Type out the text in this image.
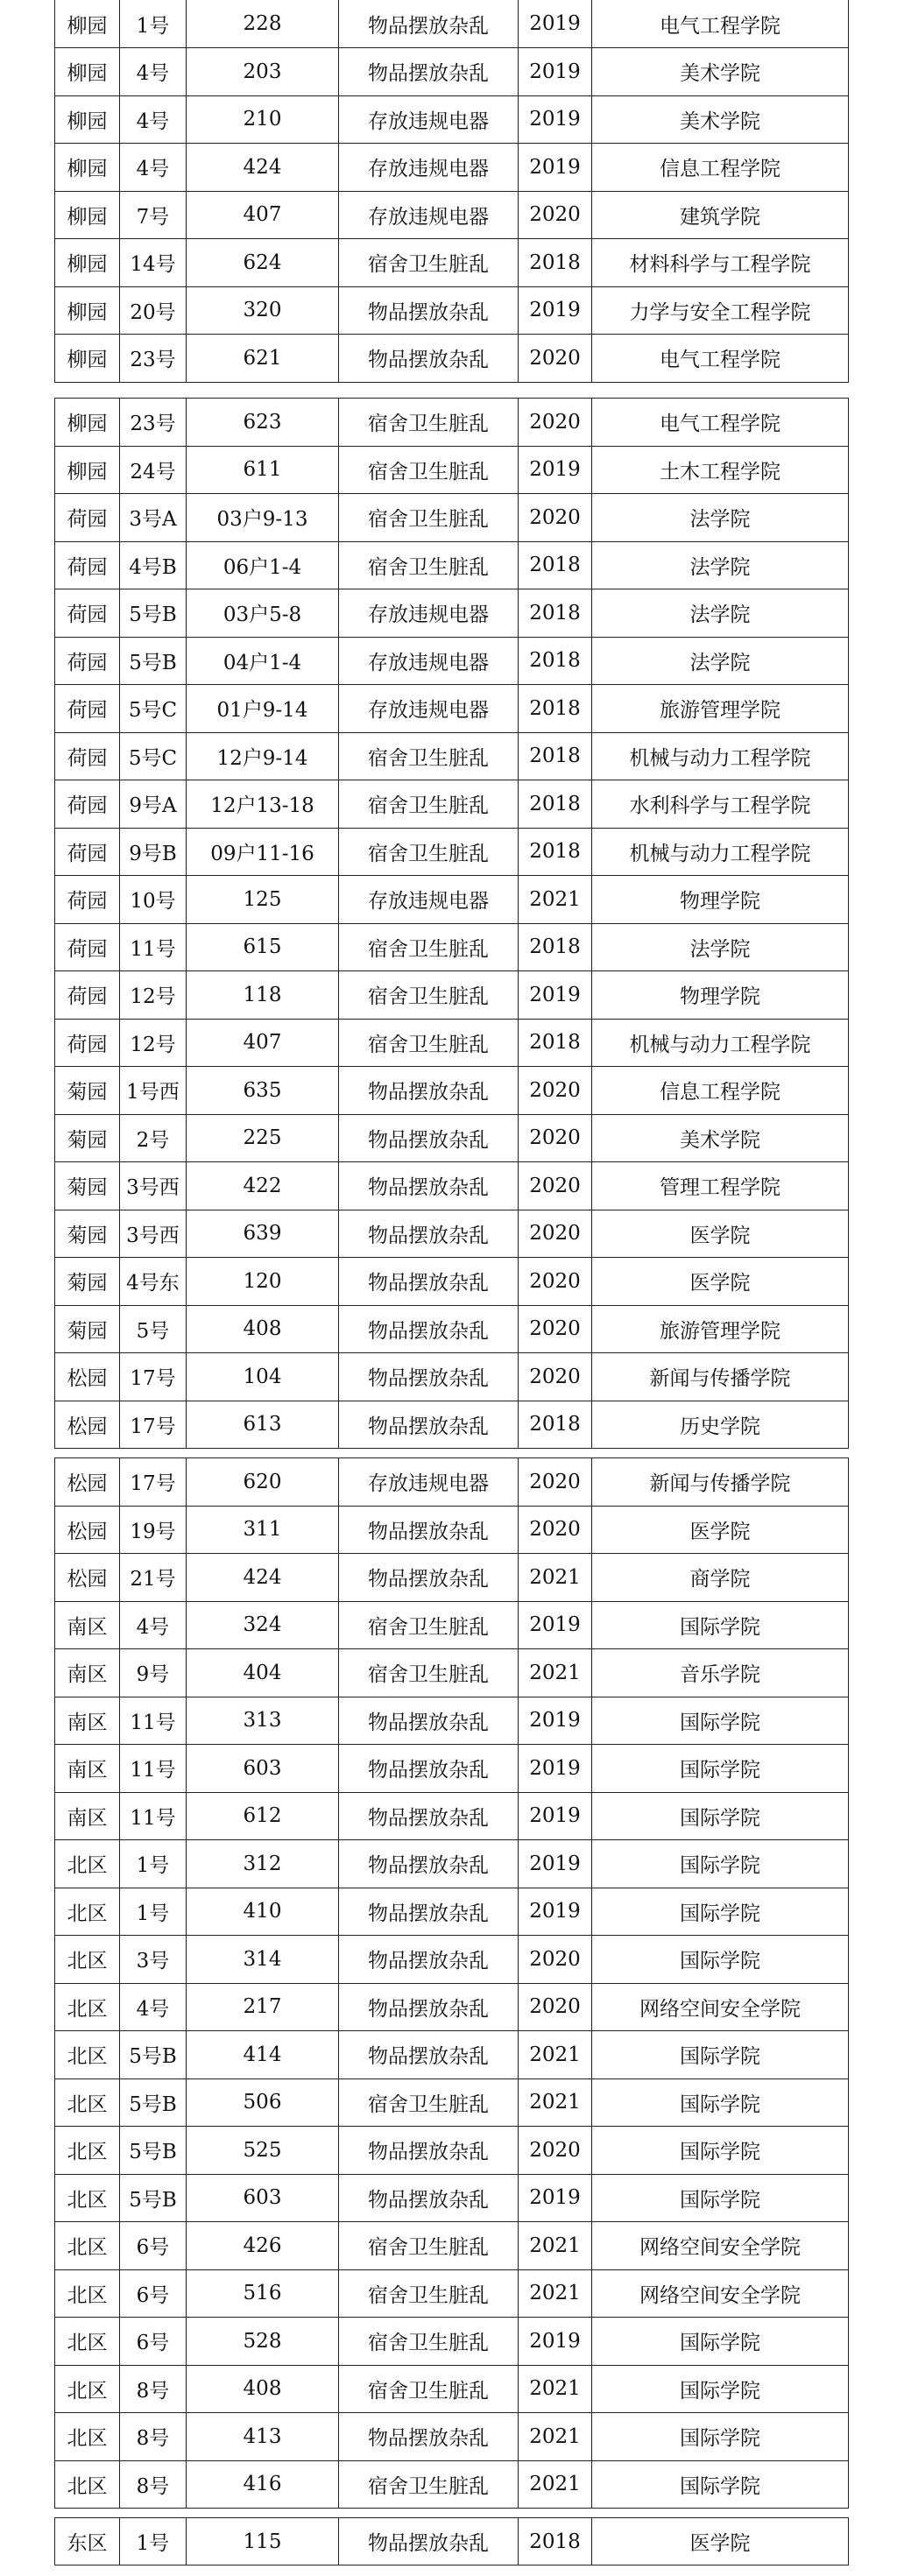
柳园	1号	228	物品摆放杂乱	2019	电气工程学院
柳园	4号	203	物品摆放杂乱	2019	美术学院
柳园	4号	210	存放违规电器	2019	美术学院
柳园	4号	424	存放违规电器	2019	信息工程学院
柳园	7号	407	存放违规电器	2020	建筑学院
柳园	14号	624	宿舍卫生脏乱	2018	材料科学与工程学院
柳园	20号	320	物品摆放杂乱	2019	力学与安全工程学院
柳园	23号	621	物品摆放杂乱	2020	电气工程学院
柳园	23号	623	宿舍卫生脏乱	2020	电气工程学院
柳园	24号	611	宿舍卫生脏乱	2019	土木工程学院
荷园	3号A	03户9-13	宿舍卫生脏乱	2020	法学院
荷园	4号B	06户1-4	宿舍卫生脏乱	2018	法学院
荷园	5号B	03户5-8	存放违规电器	2018	法学院
荷园	5号B	04户1-4	存放违规电器	2018	法学院
荷园	5号C	01户9-14	存放违规电器	2018	旅游管理学院
荷园	5号C	12户9-14	宿舍卫生脏乱	2018	机械与动力工程学院
荷园	9号A	12户13-18	宿舍卫生脏乱	2018	水利科学与工程学院
荷园	9号B	09户11-16	宿舍卫生脏乱	2018	机械与动力工程学院
荷园	10号	125	存放违规电器	2021	物理学院
荷园	11号	615	宿舍卫生脏乱	2018	法学院
荷园	12号	118	宿舍卫生脏乱	2019	物理学院
荷园	12号	407	宿舍卫生脏乱	2018	机械与动力工程学院
菊园	1号西	635	物品摆放杂乱	2020	信息工程学院
菊园	2号	225	物品摆放杂乱	2020	美术学院
菊园	3号西	422	物品摆放杂乱	2020	管理工程学院
菊园	3号西	639	物品摆放杂乱	2020	医学院
菊园	4号东	120	物品摆放杂乱	2020	医学院
菊园	5号	408	物品摆放杂乱	2020	旅游管理学院
松园	17号	104	物品摆放杂乱	2020	新闻与传播学院
松园	17号	613	物品摆放杂乱	2018	历史学院
松园	17号	620	存放违规电器	2020	新闻与传播学院
松园	19号	311	物品摆放杂乱	2020	医学院
松园	21号	424	物品摆放杂乱	2021	商学院
南区	4号	324	宿舍卫生脏乱	2019	国际学院
南区	9号	404	宿舍卫生脏乱	2021	音乐学院
南区	11号	313	物品摆放杂乱	2019	国际学院
南区	11号	603	物品摆放杂乱	2019	国际学院
南区	11号	612	物品摆放杂乱	2019	国际学院
北区	1号	312	物品摆放杂乱	2019	国际学院
北区	1号	410	物品摆放杂乱	2019	国际学院
北区	3号	314	物品摆放杂乱	2020	国际学院
北区	4号	217	物品摆放杂乱	2020	网络空间安全学院
北区	5号B	414	物品摆放杂乱	2021	国际学院
北区	5号B	506	宿舍卫生脏乱	2021	国际学院
北区	5号B	525	物品摆放杂乱	2020	国际学院
北区	5号B	603	物品摆放杂乱	2019	国际学院
北区	6号	426	宿舍卫生脏乱	2021	网络空间安全学院
北区	6号	516	宿舍卫生脏乱	2021	网络空间安全学院
北区	6号	528	宿舍卫生脏乱	2019	国际学院
北区	8号	408	宿舍卫生脏乱	2021	国际学院
北区	8号	413	物品摆放杂乱	2021	国际学院
北区	8号	416	宿舍卫生脏乱	2021	国际学院
东区	1号	115	物品摆放杂乱	2018	医学院
